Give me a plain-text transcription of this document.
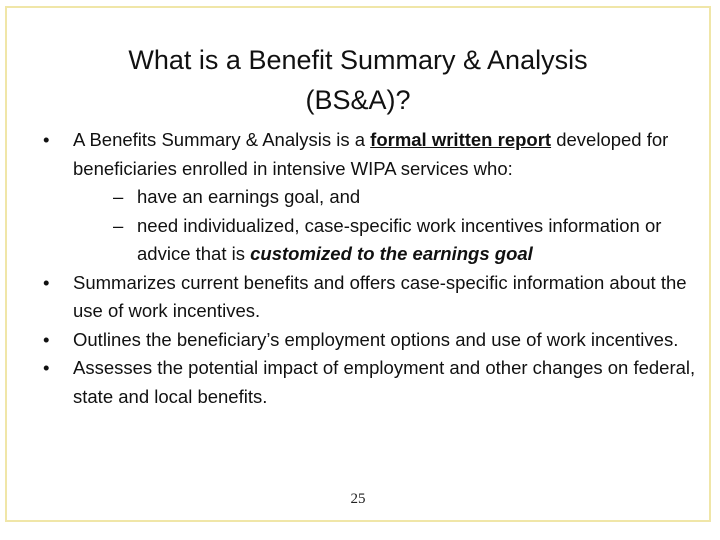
What is a Benefit Summary & Analysis
(BS&A)?
• A Benefits Summary & Analysis is a formal written report developed for beneficiaries enrolled in intensive WIPA services who:
– have an earnings goal, and
– need individualized, case-specific work incentives information or advice that is customized to the earnings goal
• Summarizes current benefits and offers case-specific information about the use of work incentives.
• Outlines the beneficiary’s employment options and use of work incentives.
• Assesses the potential impact of employment and other changes on federal, state and local benefits.
25
